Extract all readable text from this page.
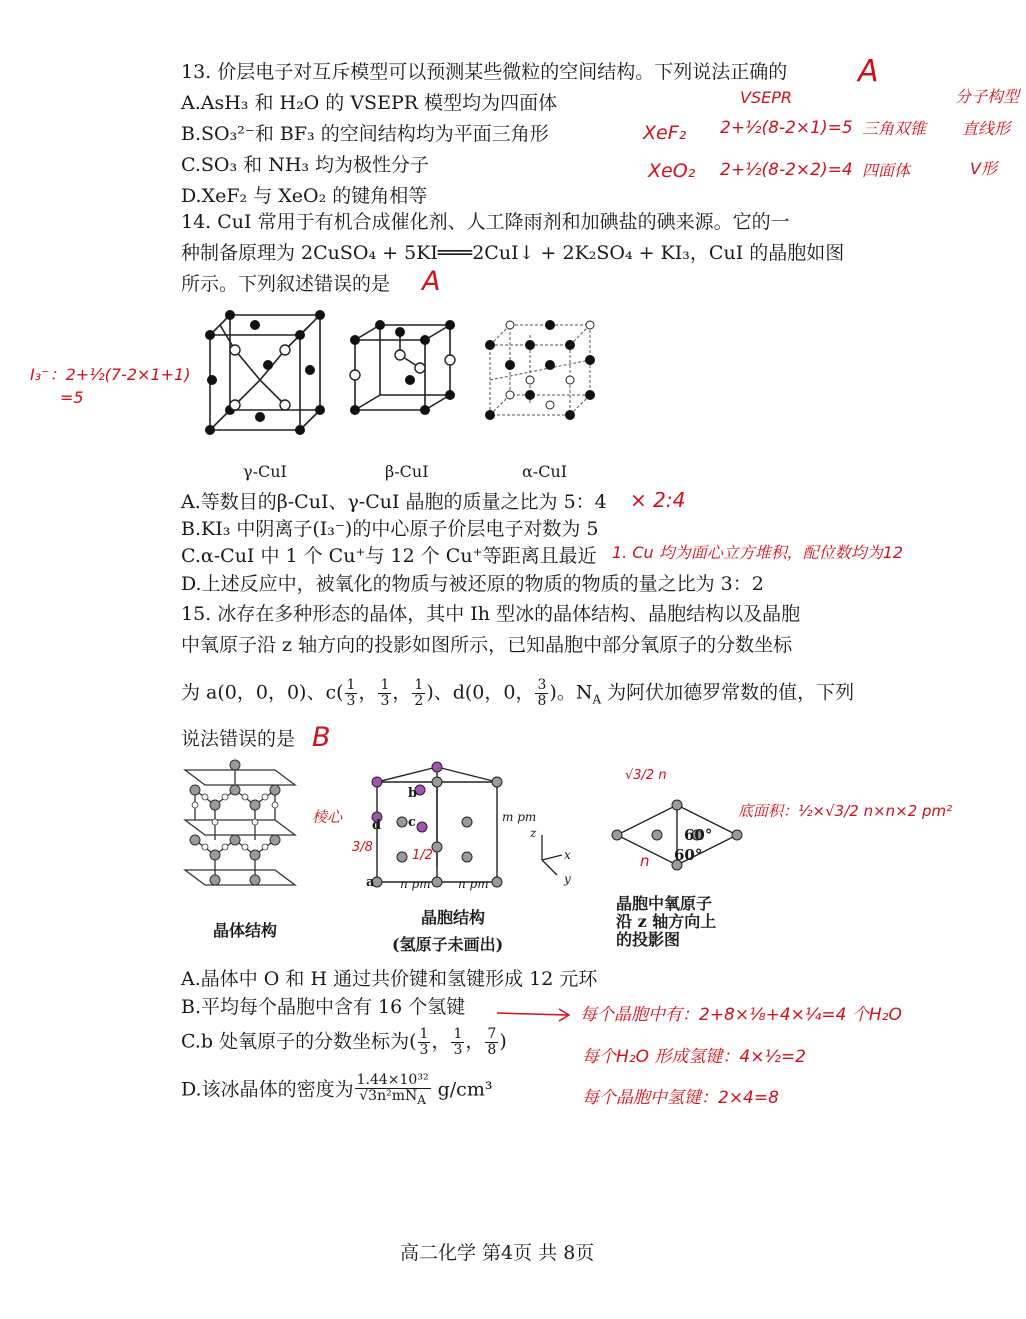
13. 价层电子对互斥模型可以预测某些微粒的空间结构。下列说法正确的 A
A.AsH₃ 和 H₂O 的 VSEPR 模型均为四面体
B.SO₃²⁻和 BF₃ 的空间结构均为平面三角形
C.SO₃ 和 NH₃ 均为极性分子
D.XeF₂ 与 XeO₂ 的键角相等
VSEPR	分子构型
XeF₂ 2+½(8-2×1)=5 三角双锥 直线形
XeO₂ 2+½(8-2×2)=4 四面体	V形
14. CuI 常用于有机合成催化剂、人工降雨剂和加碘盐的碘来源。它的一
种制备原理为 2CuSO₄ + 5KI═══2CuI↓ + 2K₂SO₄ + KI₃，CuI 的晶胞如图
所示。下列叙述错误的是 A
I₃⁻：2+½(7-2×1+1)
=5
γ-CuI	β-CuI	α-CuI
A.等数目的β-CuI、γ-CuI 晶胞的质量之比为 5：4 × 2:4
B.KI₃ 中阴离子(I₃⁻)的中心原子价层电子对数为 5
C.α-CuI 中 1 个 Cu⁺与 12 个 Cu⁺等距离且最近 1. Cu 均为面心立方堆积，配位数均为12
D.上述反应中，被氧化的物质与被还原的物质的物质的量之比为 3：2
15. 冰存在多种形态的晶体，其中 Ih 型冰的晶体结构、晶胞结构以及晶胞
中氧原子沿 z 轴方向的投影如图所示，已知晶胞中部分氧原子的分数坐标
为 a(0，0，0)、$c( \frac{1}{3}$ ， $\frac{1}{3}$ ， $\frac{1}{2}$ )、d(0，0， $\frac{3}{8}$ )。$N_A$ 为阿伏加德罗常数的值，下列
说法错误的是 B
晶体结构
a
b
c
d
n pm n pm
m pm
z
x
y
晶胞结构
(氢原子未画出)
棱心
3/8
1/2
60°
60°
√3/2 n
n
底面积：½×√3/2 n×n×2 pm²
晶胞中氧原子
沿 z 轴方向上
的投影图
A.晶体中 O 和 H 通过共价键和氢键形成 12 元环
B.平均每个晶胞中含有 16 个氢键
C.b 处氧原子的分数坐标为( $\frac{1}{3}$ ， $\frac{1}{3}$ ， $\frac{7}{8}$ )
D.该冰晶体的密度为 $\frac{\text{1.44×10³²}}{√3n^2mN_A} g/cm^3$
每个晶胞中有：2+8×⅛+4×¼=4 个H₂O
每个H₂O 形成氢键：4×½=2
每个晶胞中氢键：2×4=8
高二化学 第4页 共 8页
